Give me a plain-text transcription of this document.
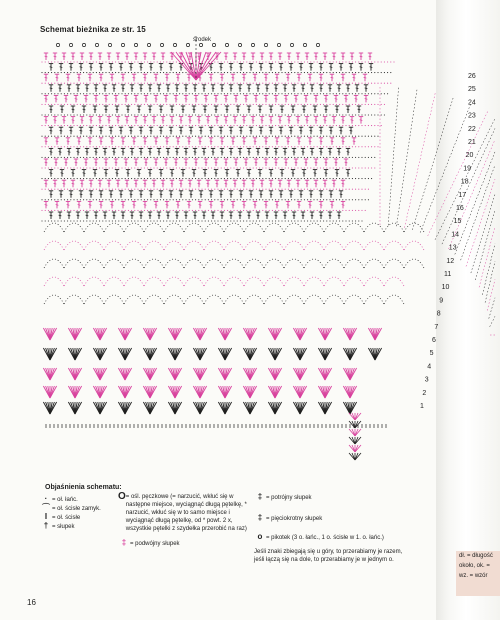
Schemat bieżnika ze str. 15
środek
26
25
24
23
22
21
20
19
18
17
16
15
14
13
12
11
10
9
8
7
6
5
4
3
2
1
Objaśnienia schematu:
· = oł. łańc.
⌒ = oł. ścisłe zamyk.
I = oł. ścisłe
† = słupek
O = ośl. pęczkowe (= narzucić, wkłuć się w następne miejsce, wyciągnąć długą pętelkę, * narzucić, wkłuć się w to samo miejsce i wyciągnąć długą pętelkę, od * powt. 2 x, wszystkie pętelki z szydełka przerobić na raz)
‡ = podwójny słupek
‡ = potrójny słupek
‡ = pięciokrotny słupek
ο = pikotek (3 o. łańc., 1 o. ścisłe w 1. o. łańc.)
Jeśli znaki zbiegają się u góry, to przerabiamy je razem, jeśli łączą się na dole, to przerabiamy je w jednym o.
16
dł. = długość
około, ok. =
wz. = wzór
